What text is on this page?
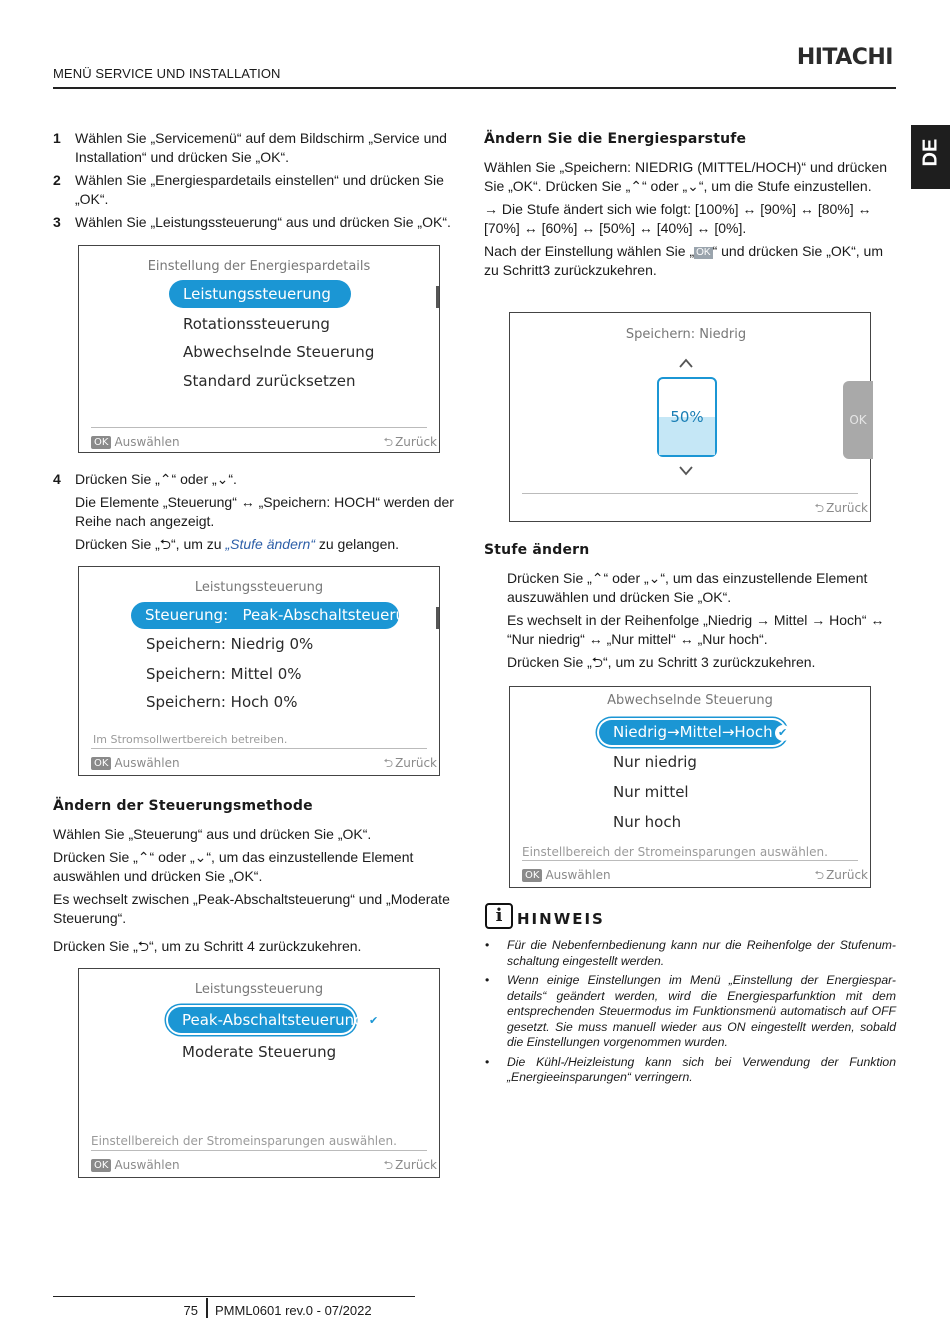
MENÜ SERVICE UND INSTALLATION
HITACHI
DE
1 Wählen Sie „Servicemenü“ auf dem Bildschirm „Service und Installation“ und drücken Sie „OK“.
2 Wählen Sie „Energiespardetails einstellen“ und drücken Sie „OK“.
3 Wählen Sie „Leistungssteuerung“ aus und drücken Sie „OK“.
Einstellung der Energiespardetails
Leistungssteuerung
Rotationssteuerung
Abwechselnde Steuerung
Standard zurücksetzen
OK Auswählen	⮌ Zurück
4 Drücken Sie „⌃“ oder „⌄“.

Die Elemente „Steuerung“ ↔ „Speichern: HOCH“ werden der Reihe nach angezeigt.

Drücken Sie „⮌“, um zu „Stufe ändern“ zu gelangen.

Leistungssteuerung
Steuerung: Peak-Abschaltsteuerung
Speichern: Niedrig 0%
Speichern: Mittel 0%
Speichern: Hoch 0%
Im Stromsollwertbereich betreiben.
OK Auswählen	⮌ Zurück
Ändern der Steuerungsmethode

Wählen Sie „Steuerung“ aus und drücken Sie „OK“.

Drücken Sie „⌃“ oder „⌄“, um das einzustellende Element auswählen und drücken Sie „OK“.

Es wechselt zwischen „Peak-Abschaltsteuerung“ und „Moderate Steuerung“.

Drücken Sie „⮌“, um zu Schritt 4 zurückzukehren.

Leistungssteuerung
Peak-Abschaltsteuerung ✔
Moderate Steuerung
Einstellbereich der Stromeinsparungen auswählen.
OK Auswählen	⮌ Zurück
Ändern Sie die Energiesparstufe

Wählen Sie „Speichern: NIEDRIG (MITTEL/HOCH)“ und drücken Sie „OK“. Drücken Sie „⌃“ oder „⌄“, um die Stufe einzustellen.

→ Die Stufe ändert sich wie folgt: [100%] ↔ [90%] ↔ [80%] ↔ [70%] ↔ [60%] ↔ [50%] ↔ [40%] ↔ [0%].

Nach der Einstellung wählen Sie „ OK “ und drücken Sie „OK“, um zu Schritt3 zurückzukehren.

Speichern: Niedrig
50%	OK
⮌ Zurück
Stufe ändern

Drücken Sie „⌃“ oder „⌄“, um das einzustellende Element auszuwählen und drücken Sie „OK“.

Es wechselt in der Reihenfolge „Niedrig → Mittel → Hoch“ ↔ “Nur niedrig“ ↔ „Nur mittel“ ↔ „Nur hoch“.

Drücken Sie „⮌“, um zu Schritt 3 zurückzukehren.

Abwechselnde Steuerung
Niedrig→Mittel→Hoch ✔
Nur niedrig
Nur mittel
Nur hoch
Einstellbereich der Stromeinsparungen auswählen.
OK Auswählen	⮌ Zurück
i HINWEIS
• Für die Nebenfernbedienung kann nur die Reihenfolge der Stufenum-schaltung eingestellt werden.
• Wenn einige Einstellungen im Menü „Einstellung der Energiespar-details“ geändert werden, wird die Energiesparfunktion mit dem entsprechenden Steuermodus im Funktionsmenü automatisch auf OFF gesetzt. Sie muss manuell wieder aus ON eingestellt werden, sobald die Einstellungen vorgenommen wurden.
• Die Kühl-/Heizleistung kann sich bei Verwendung der Funktion „Energieeinsparungen“ verringern.
75 PMML0601 rev.0 - 07/2022
